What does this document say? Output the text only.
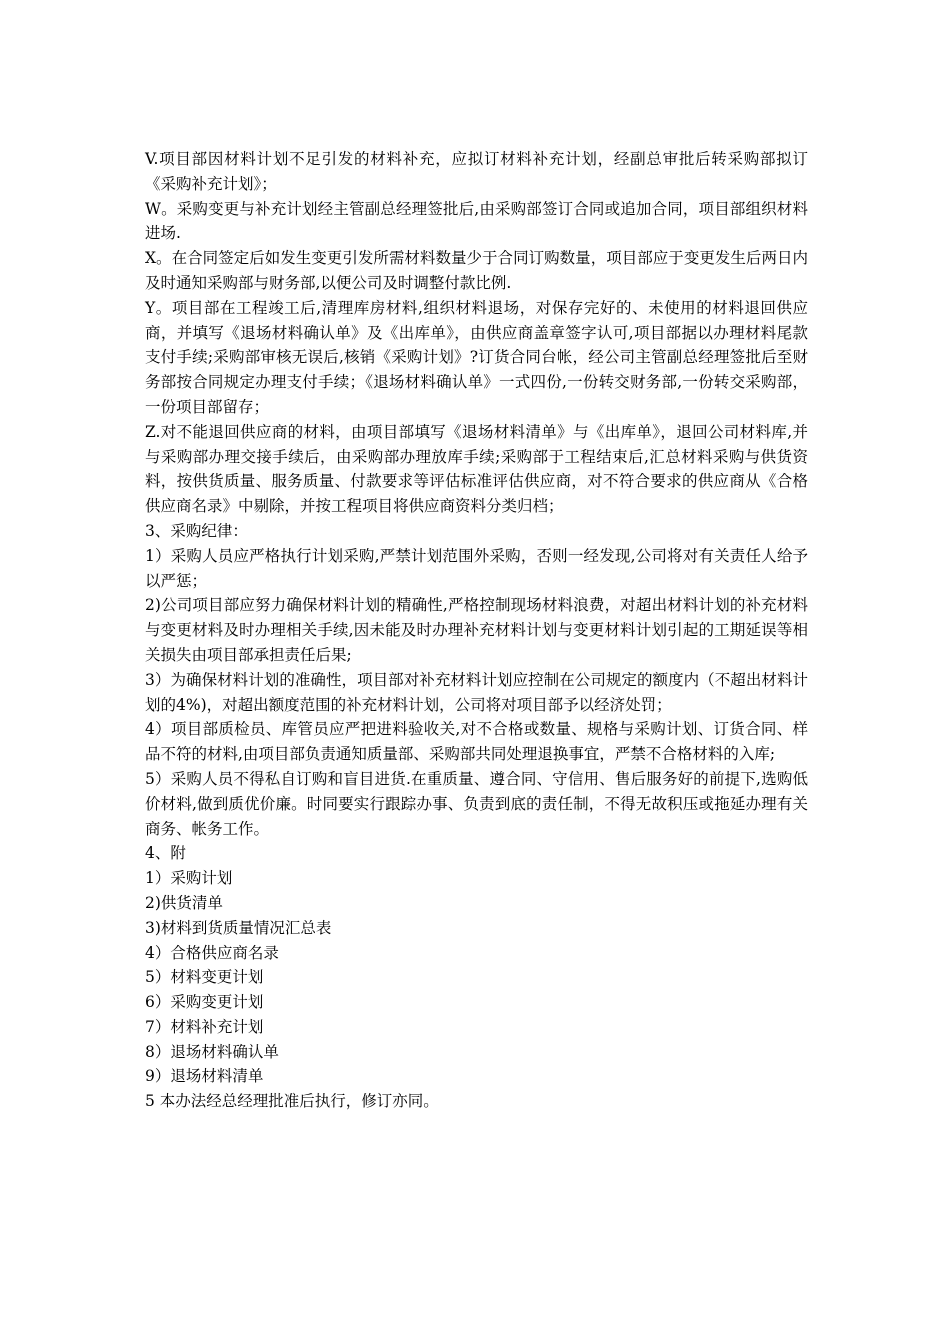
V.项目部因材料计划不足引发的材料补充，应拟订材料补充计划，经副总审批后转采购部拟订《采购补充计划》；

W。采购变更与补充计划经主管副总经理签批后,由采购部签订合同或追加合同，项目部组织材料进场.

X。在合同签定后如发生变更引发所需材料数量少于合同订购数量，项目部应于变更发生后两日内及时通知采购部与财务部,以便公司及时调整付款比例.

Y。项目部在工程竣工后,清理库房材料,组织材料退场，对保存完好的、未使用的材料退回供应商，并填写《退场材料确认单》及《出库单》，由供应商盖章签字认可,项目部据以办理材料尾款支付手续;采购部审核无误后,核销《采购计划》?订货合同台帐，经公司主管副总经理签批后至财务部按合同规定办理支付手续；《退场材料确认单》一式四份,一份转交财务部,一份转交采购部，一份项目部留存；

Z.对不能退回供应商的材料，由项目部填写《退场材料清单》与《出库单》，退回公司材料库,并与采购部办理交接手续后，由采购部办理放库手续;采购部于工程结束后,汇总材料采购与供货资料，按供货质量、服务质量、付款要求等评估标准评估供应商，对不符合要求的供应商从《合格供应商名录》中剔除，并按工程项目将供应商资料分类归档；

3、采购纪律：

1）采购人员应严格执行计划采购,严禁计划范围外采购，否则一经发现,公司将对有关责任人给予以严惩；

2)公司项目部应努力确保材料计划的精确性,严格控制现场材料浪费，对超出材料计划的补充材料与变更材料及时办理相关手续,因未能及时办理补充材料计划与变更材料计划引起的工期延误等相关损失由项目部承担责任后果;

3）为确保材料计划的准确性，项目部对补充材料计划应控制在公司规定的额度内（不超出材料计划的4%)，对超出额度范围的补充材料计划，公司将对项目部予以经济处罚；

4）项目部质检员、库管员应严把进料验收关,对不合格或数量、规格与采购计划、订货合同、样品不符的材料,由项目部负责通知质量部、采购部共同处理退换事宜，严禁不合格材料的入库;

5）采购人员不得私自订购和盲目进货.在重质量、遵合同、守信用、售后服务好的前提下,选购低价材料,做到质优价廉。时同要实行跟踪办事、负责到底的责任制，不得无故积压或拖延办理有关商务、帐务工作。

4、附

1）采购计划

2)供货清单

3)材料到货质量情况汇总表

4）合格供应商名录

5）材料变更计划

6）采购变更计划

7）材料补充计划

8）退场材料确认单

9）退场材料清单

5 本办法经总经理批准后执行，修订亦同。
